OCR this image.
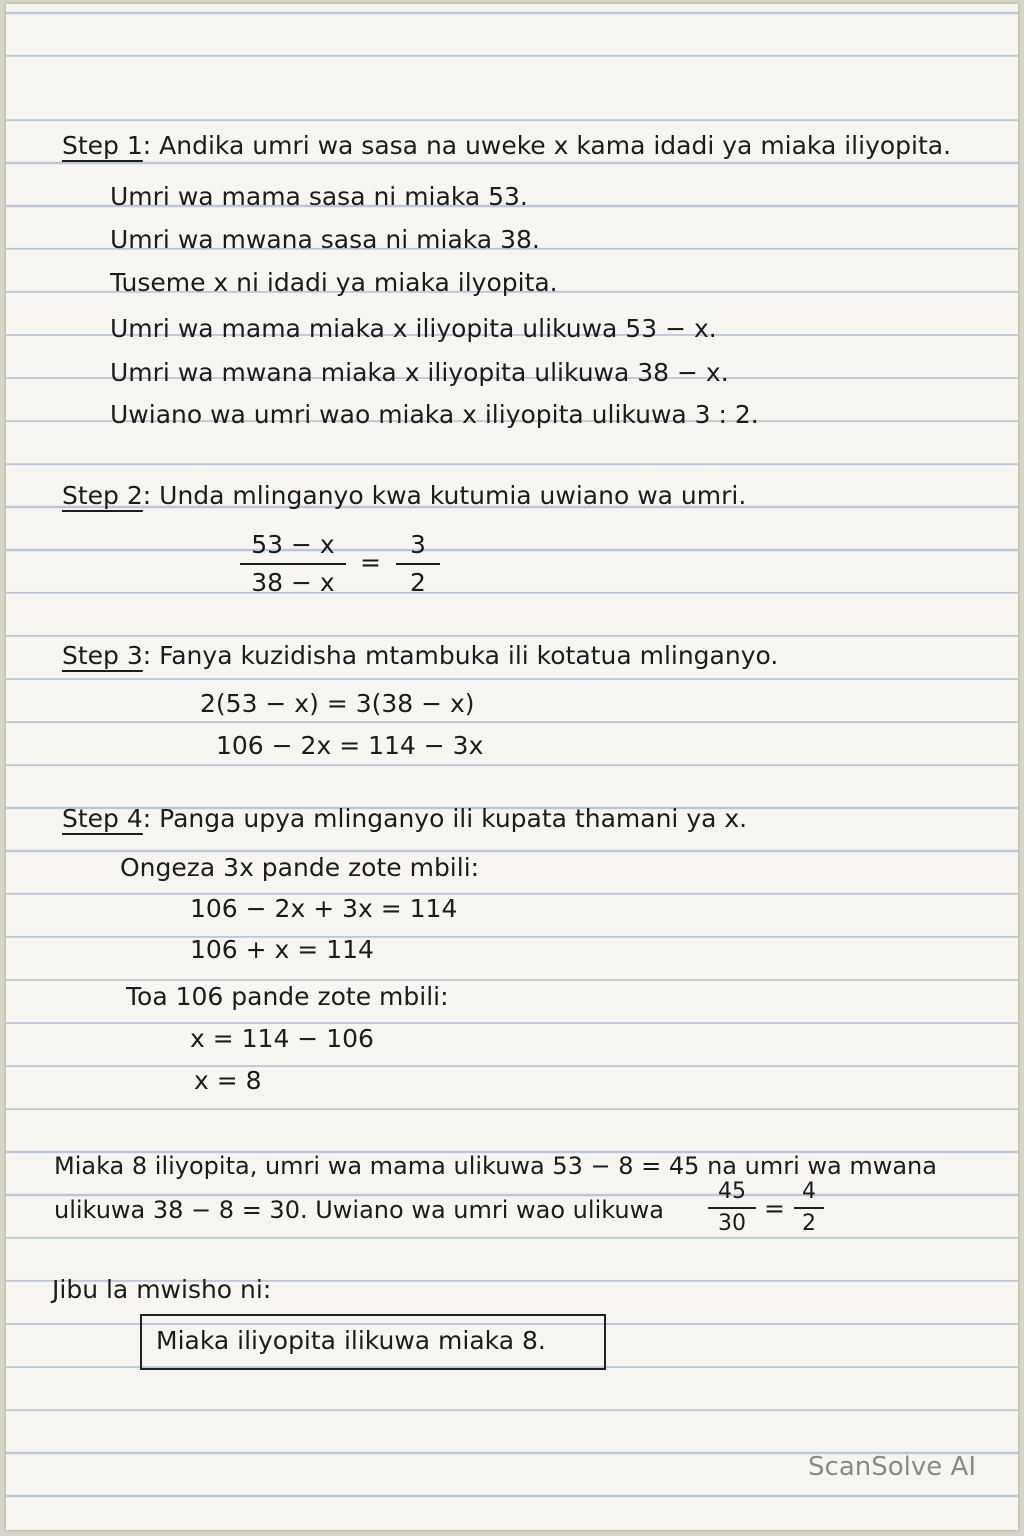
Step 1: Andika umri wa sasa na uweke x kama idadi ya miaka iliyopita.
Umri wa mama sasa ni miaka 53.
Umri wa mwana sasa ni miaka 38.
Tuseme x ni idadi ya miaka ilyopita.
Umri wa mama miaka x iliyopita ulikuwa 53 − x.
Umri wa mwana miaka x iliyopita ulikuwa 38 − x.
Uwiano wa umri wao miaka x iliyopita ulikuwa 3 : 2.
Step 2: Unda mlinganyo kwa kutumia uwiano wa umri.
53 − x
38 − x
=
3
2
Step 3: Fanya kuzidisha mtambuka ili kotatua mlinganyo.
2(53 − x) = 3(38 − x)
106 − 2x = 114 − 3x
Step 4: Panga upya mlinganyo ili kupata thamani ya x.
Ongeza 3x pande zote mbili:
106 − 2x + 3x = 114
106 + x = 114
Toa 106 pande zote mbili:
x = 114 − 106
x = 8
Miaka 8 iliyopita, umri wa mama ulikuwa 53 − 8 = 45 na umri wa mwana
ulikuwa 38 − 8 = 30. Uwiano wa umri wao ulikuwa
45
30
=
4
2
Jibu la mwisho ni:
Miaka iliyopita ilikuwa miaka 8.
ScanSolve AI
